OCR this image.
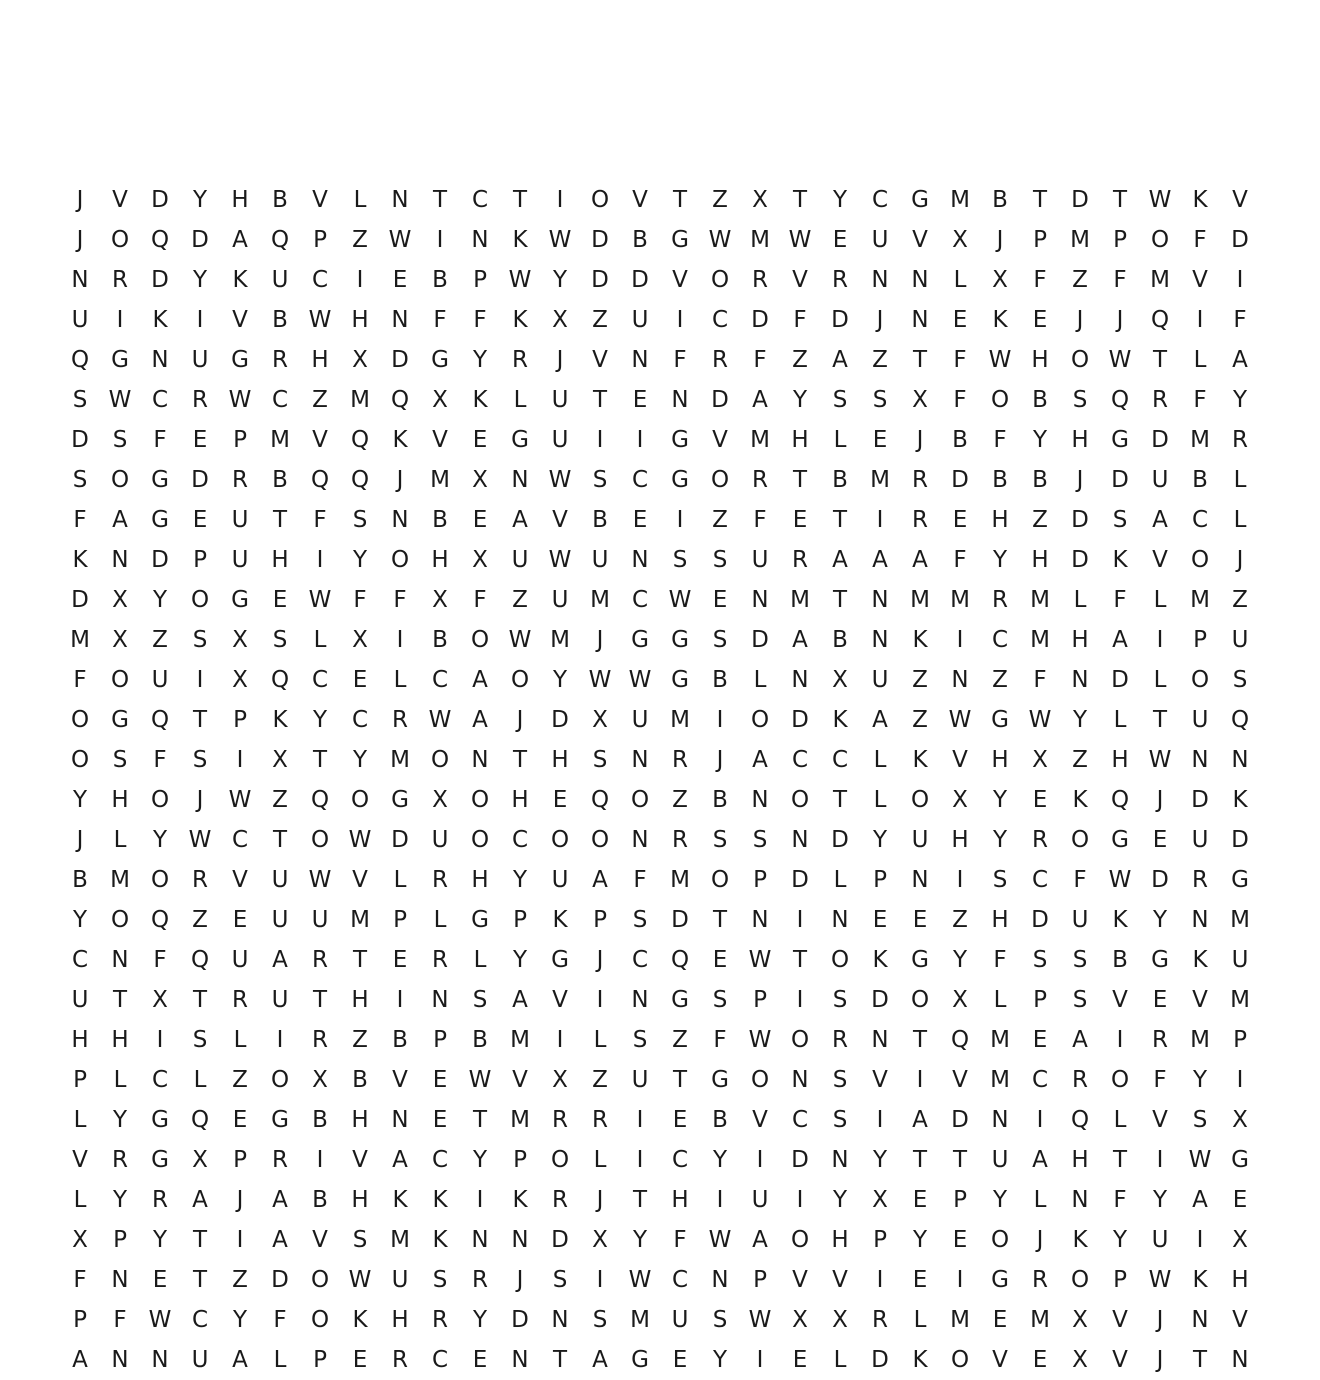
J	V	D	Y	H	B	V	L	N	T	C	T	I	O	V	T	Z	X	T	Y	C	G M B	T	D	T W K	V
J	O Q D	A	Q	P	Z W	I	N	K W D	B	G W M W E	U	V	X	J	P	M	P	O	F	D
N	R	D	Y	K	U	C	I	E	B	P W Y	D D	V	O R	V	R	N N	L	X	F	Z	F	M V	I
U	I	K	I	V	B W H N	F	F	K	X	Z	U	I	C	D	F	D	J	N	E	K	E	J	J	Q	I	F
Q G N U G	R	H	X	D G	Y	R	J	V	N	F	R	F	Z	A	Z	T	F W H O W T	L	A
S W C	R W C	Z M Q	X	K	L	U	T	E	N D	A	Y	S	S	X	F	O	B	S	Q R	F	Y
D	S	F	E	P	M V	Q	K	V	E	G U	I	I	G	V M H	L	E	J	B	F	Y	H G D M R
S	O G D	R	B	Q Q	J	M X	N W S	C	G O R	T	B M R	D	B	B	J	D U	B	L
F	A	G	E	U	T	F	S	N	B	E	A	V	B	E	I	Z	F	E	T	I	R	E	H	Z	D	S	A	C	L
K	N D	P	U H	I	Y	O H	X	U W U N	S	S	U	R	A	A	A	F	Y	H D	K	V	O	J
D	X	Y	O G	E W F	F	X	F	Z	U M C W E	N M	T	N M M R M	L	F	L	M Z
M X	Z	S	X	S	L	X	I	B	O W M	J	G G	S	D	A	B	N	K	I	C M H	A	I	P	U
F	O U	I	X	Q C	E	L	C	A	O	Y W W G	B	L	N	X	U	Z	N	Z	F	N D	L	O	S
O G Q	T	P	K	Y	C	R W A	J	D	X	U M	I	O D	K	A	Z W G W Y	L	T	U Q
O	S	F	S	I	X	T	Y	M O N	T	H	S	N	R	J	A	C	C	L	K	V	H	X	Z	H W N N
Y	H O	J	W Z	Q O G	X	O H	E	Q O	Z	B	N O	T	L	O	X	Y	E	K	Q	J	D	K
J	L	Y W C	T	O W D U O C O O N	R	S	S	N D	Y	U H	Y	R O G	E	U D
B M O R	V	U W V	L	R	H	Y	U	A	F	M O	P	D	L	P	N	I	S	C	F W D	R	G
Y	O Q	Z	E	U	U M	P	L	G	P	K	P	S	D	T	N	I	N	E	E	Z	H D U	K	Y	N M
C	N	F	Q U	A	R	T	E	R	L	Y	G	J	C Q	E W T	O	K	G	Y	F	S	S	B	G	K	U
U	T	X	T	R	U	T	H	I	N	S	A	V	I	N G	S	P	I	S	D O	X	L	P	S	V	E	V M
H H	I	S	L	I	R	Z	B	P	B M	I	L	S	Z	F W O R	N	T	Q M E	A	I	R M	P
P	L	C	L	Z	O	X	B	V	E W V	X	Z	U	T	G O N	S	V	I	V M C	R O	F	Y	I
L	Y	G Q	E	G	B	H N	E	T	M R	R	I	E	B	V	C	S	I	A	D N	I	Q	L	V	S	X
V	R	G	X	P	R	I	V	A	C	Y	P	O	L	I	C	Y	I	D N	Y	T	T	U	A	H	T	I	W G
L	Y	R	A	J	A	B	H	K	K	I	K	R	J	T	H	I	U	I	Y	X	E	P	Y	L	N	F	Y	A	E
X	P	Y	T	I	A	V	S M K	N N D	X	Y	F W A	O H	P	Y	E	O	J	K	Y	U	I	X
F	N	E	T	Z	D O W U	S	R	J	S	I	W C	N	P	V	V	I	E	I	G	R O	P W K	H
P	F W C	Y	F	O	K	H	R	Y	D N	S M U	S W X	X	R	L	M E M X	V	J	N	V
A	N N U	A	L	P	E	R	C	E	N	T	A	G	E	Y	I	E	L	D	K	O	V	E	X	V	J	T	N
